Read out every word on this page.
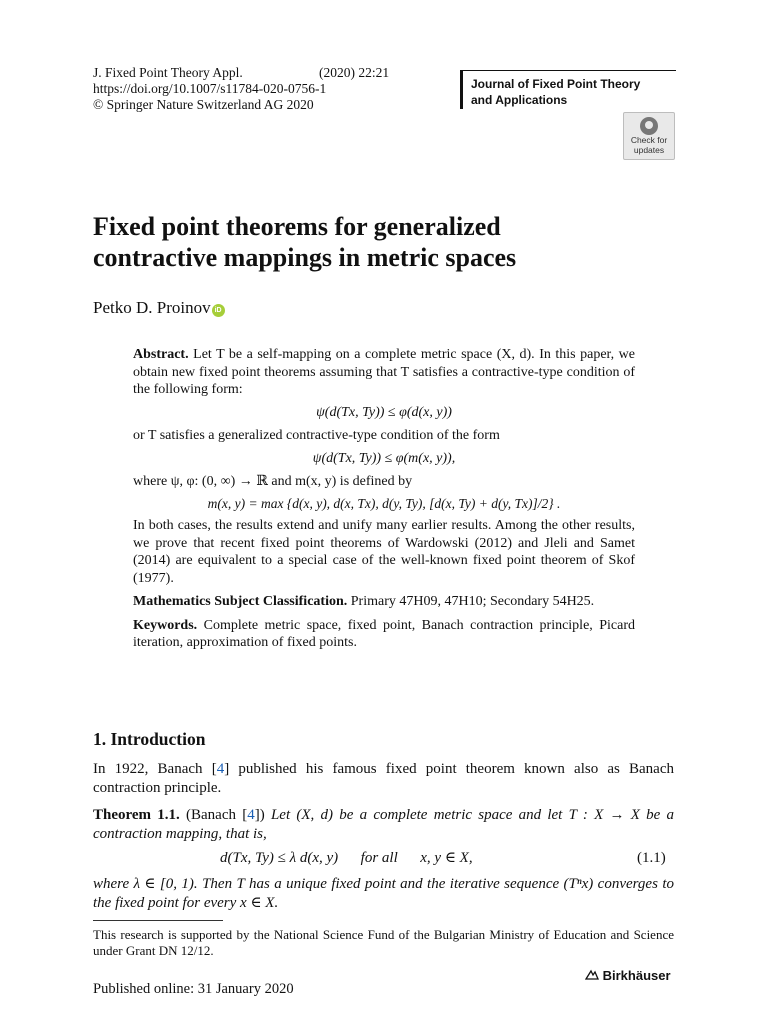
J. Fixed Point Theory Appl.	(2020) 22:21
https://doi.org/10.1007/s11784-020-0756-1
© Springer Nature Switzerland AG 2020
Journal of Fixed Point Theory
and Applications
Check for
updates
Fixed point theorems for generalized
contractive mappings in metric spaces
Petko D. Proinov iD
Abstract. Let T be a self-mapping on a complete metric space (X, d). In this paper, we obtain new fixed point theorems assuming that T satisfies a contractive-type condition of the following form:
ψ(d(Tx, Ty)) ≤ φ(d(x, y))
or T satisfies a generalized contractive-type condition of the form
ψ(d(Tx, Ty)) ≤ φ(m(x, y)),
where ψ, φ: (0, ∞) → ℝ and m(x, y) is defined by
m(x, y) = max {d(x, y), d(x, Tx), d(y, Ty), [d(x, Ty) + d(y, Tx)]/2} .
In both cases, the results extend and unify many earlier results. Among the other results, we prove that recent fixed point theorems of Wardowski (2012) and Jleli and Samet (2014) are equivalent to a special case of the well-known fixed point theorem of Skof (1977).
Mathematics Subject Classification. Primary 47H09, 47H10; Secondary 54H25.
Keywords. Complete metric space, fixed point, Banach contraction principle, Picard iteration, approximation of fixed points.
1. Introduction
In 1922, Banach [4] published his famous fixed point theorem known also as Banach contraction principle.
Theorem 1.1. (Banach [4]) Let (X, d) be a complete metric space and let T : X → X be a contraction mapping, that is,
d(Tx, Ty) ≤ λ d(x, y)      for all      x, y ∈ X,	(1.1)
where λ ∈ [0, 1). Then T has a unique fixed point and the iterative sequence (Tⁿx) converges to the fixed point for every x ∈ X.
This research is supported by the National Science Fund of the Bulgarian Ministry of Education and Science under Grant DN 12/12.
Published online: 31 January 2020
Birkhäuser
